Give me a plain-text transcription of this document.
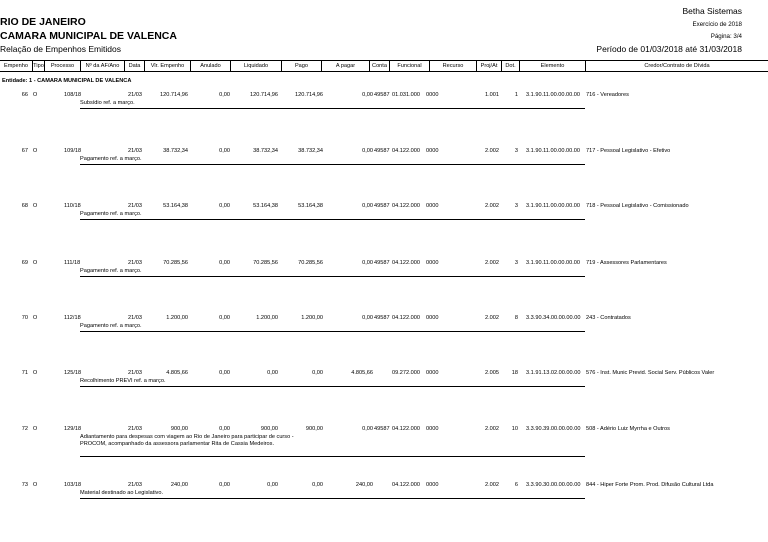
Betha Sistemas
Exercício de 2018
Página: 3/4
RIO DE JANEIRO
CAMARA MUNICIPAL DE VALENCA
Relação de Empenhos Emitidos	Período de 01/03/2018 até 31/03/2018
Empenho Tipo	Processo	Nº da AF/Ano	Data	Vlr. Empenho	Anulado	Liquidado	Pago	A pagar	Conta	Funcional	Recurso	Proj/At	Dot.	Elemento	Credor/Contrato de Dívida
Entidade: 1 - CAMARA MUNICIPAL DE VALENCA
66 O	108/18	21/03	120.714,96	0,00	120.714,96	120.714,96	0,00 49587 01.031.000 0000	1.001	1 3.1.90.11.00.00.00.00 716 - Vereadores
Subsídio ref. a março.
67 O	109/18	21/03	38.732,34	0,00	38.732,34	38.732,34	0,00 49587 04.122.000 0000	2.002	3 3.1.90.11.00.00.00.00 717 - Pessoal Legislativo - Efetivo
Pagamento ref. a março.
68 O	110/18	21/03	53.164,38	0,00	53.164,38	53.164,38	0,00 49587 04.122.000 0000	2.002	3 3.1.90.11.00.00.00.00 718 - Pessoal Legislativo - Comissionado
Pagamento ref. a março.
69 O	111/18	21/03	70.285,56	0,00	70.285,56	70.285,56	0,00 49587 04.122.000 0000	2.002	3 3.1.90.11.00.00.00.00 719 - Assessores Parlamentares
Pagamento ref. a março.
70 O	112/18	21/03	1.200,00	0,00	1.200,00	1.200,00	0,00 49587 04.122.000 0000	2.002	8 3.3.90.34.00.00.00.00 243 - Contratados
Pagamento ref. a março.
71 O	125/18	21/03	4.805,66	0,00	0,00	0,00	4.805,66	09.272.000 0000	2.005	18 3.1.91.13.02.00.00.00 576 - Inst. Munic Previd. Social Serv. Públicos Valer
Recolhimento PREVI ref. a março.
72 O	129/18	21/03	900,00	0,00	900,00	900,00	0,00 49587 04.122.000 0000	2.002	10 3.3.90.39.00.00.00.00 508 - Adério Luiz Myrrha e Outros
Adiantamento para despesas com viagem ao Rio de Janeiro para participar de curso - PROCOM, acompanhado da assessora parlamentar Rita de Cassia Medeiros.
73 O	103/18	21/03	240,00	0,00	0,00	0,00	240,00	04.122.000 0000	2.002	6 3.3.90.30.00.00.00.00 844 - Hiper Forte Prom. Prod. Difusão Cultural Ltda
Material destinado ao Legislativo.
